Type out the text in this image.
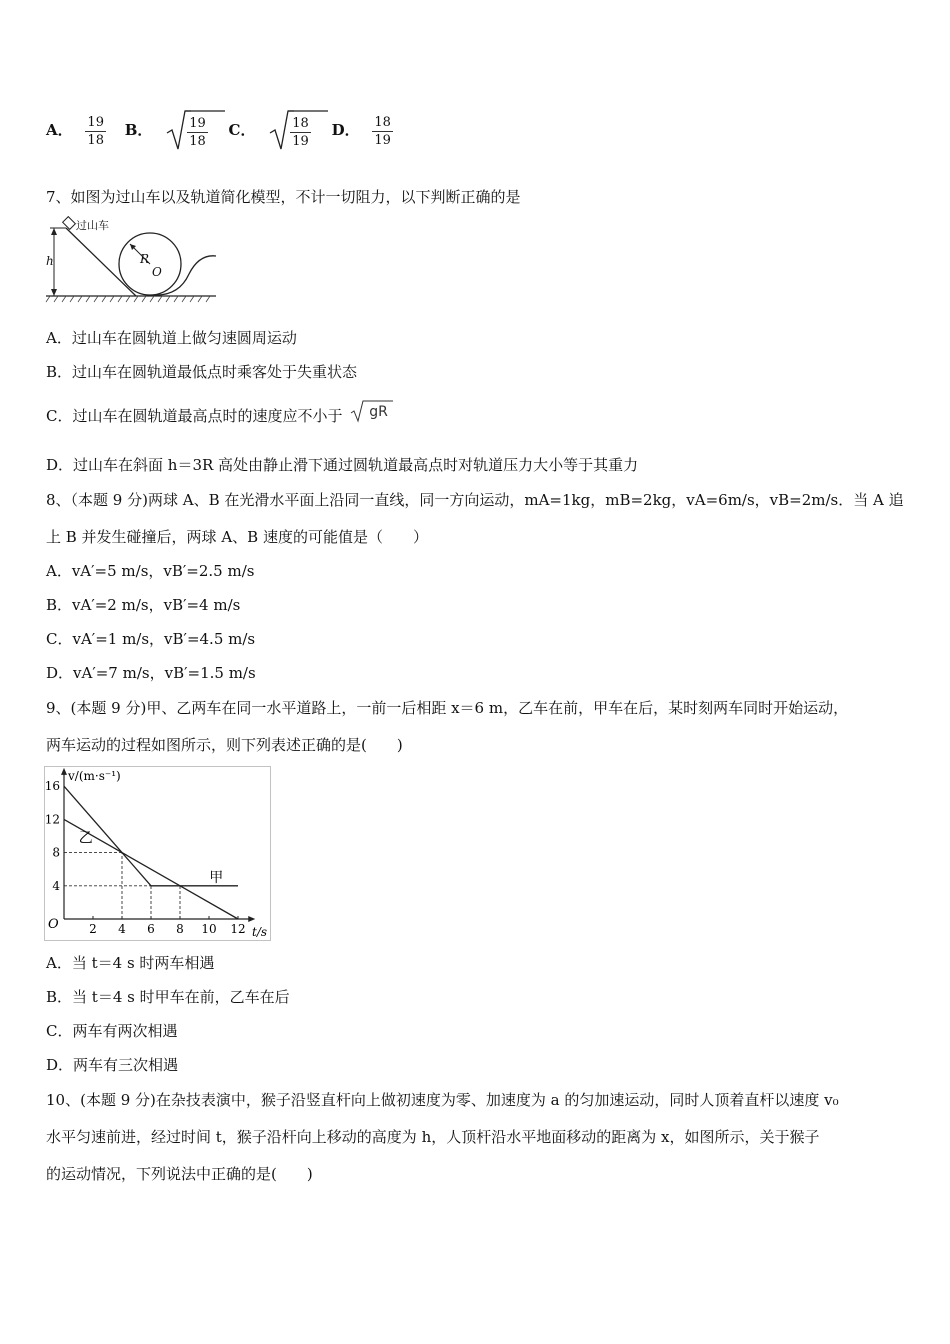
A． $\frac{19}{18}$ B．	$\frac{19}{18}$ C．	$\frac{18}{19}$ D． $\frac{18}{19}$
7、如图为过山车以及轨道简化模型，不计一切阻力，以下判断正确的是
过山车
h	R
O
A．过山车在圆轨道上做匀速圆周运动
B．过山车在圆轨道最低点时乘客处于失重状态
C．过山车在圆轨道最高点时的速度应不小于 gR
D．过山车在斜面 h＝3R 高处由静止滑下通过圆轨道最高点时对轨道压力大小等于其重力
8、（本题 9 分)两球 A、B 在光滑水平面上沿同一直线，同一方向运动，mA=1kg，mB=2kg，vA=6m/s，vB=2m/s．当 A 追
上 B 并发生碰撞后，两球 A、B 速度的可能值是（　　）
A．vA′=5 m/s，vB′=2.5 m/s
B．vA′=2 m/s，vB′=4 m/s
C．vA′=1 m/s，vB′=4.5 m/s
D．vA′=7 m/s，vB′=1.5 m/s
9、(本题 9 分)甲、乙两车在同一水平道路上，一前一后相距 x＝6 m，乙车在前，甲车在后，某时刻两车同时开始运动，
两车运动的过程如图所示，则下列表述正确的是(　　)
甲
乙
2 4 6 8 10 12
4
8
12
16
v/(m·s⁻¹)
t/s
O
A．当 t＝4 s 时两车相遇
B．当 t＝4 s 时甲车在前，乙车在后
C．两车有两次相遇
D．两车有三次相遇
10、(本题 9 分)在杂技表演中，猴子沿竖直杆向上做初速度为零、加速度为 a 的匀加速运动，同时人顶着直杆以速度 v₀
水平匀速前进，经过时间 t，猴子沿杆向上移动的高度为 h，人顶杆沿水平地面移动的距离为 x，如图所示，关于猴子
的运动情况，下列说法中正确的是(　　)
